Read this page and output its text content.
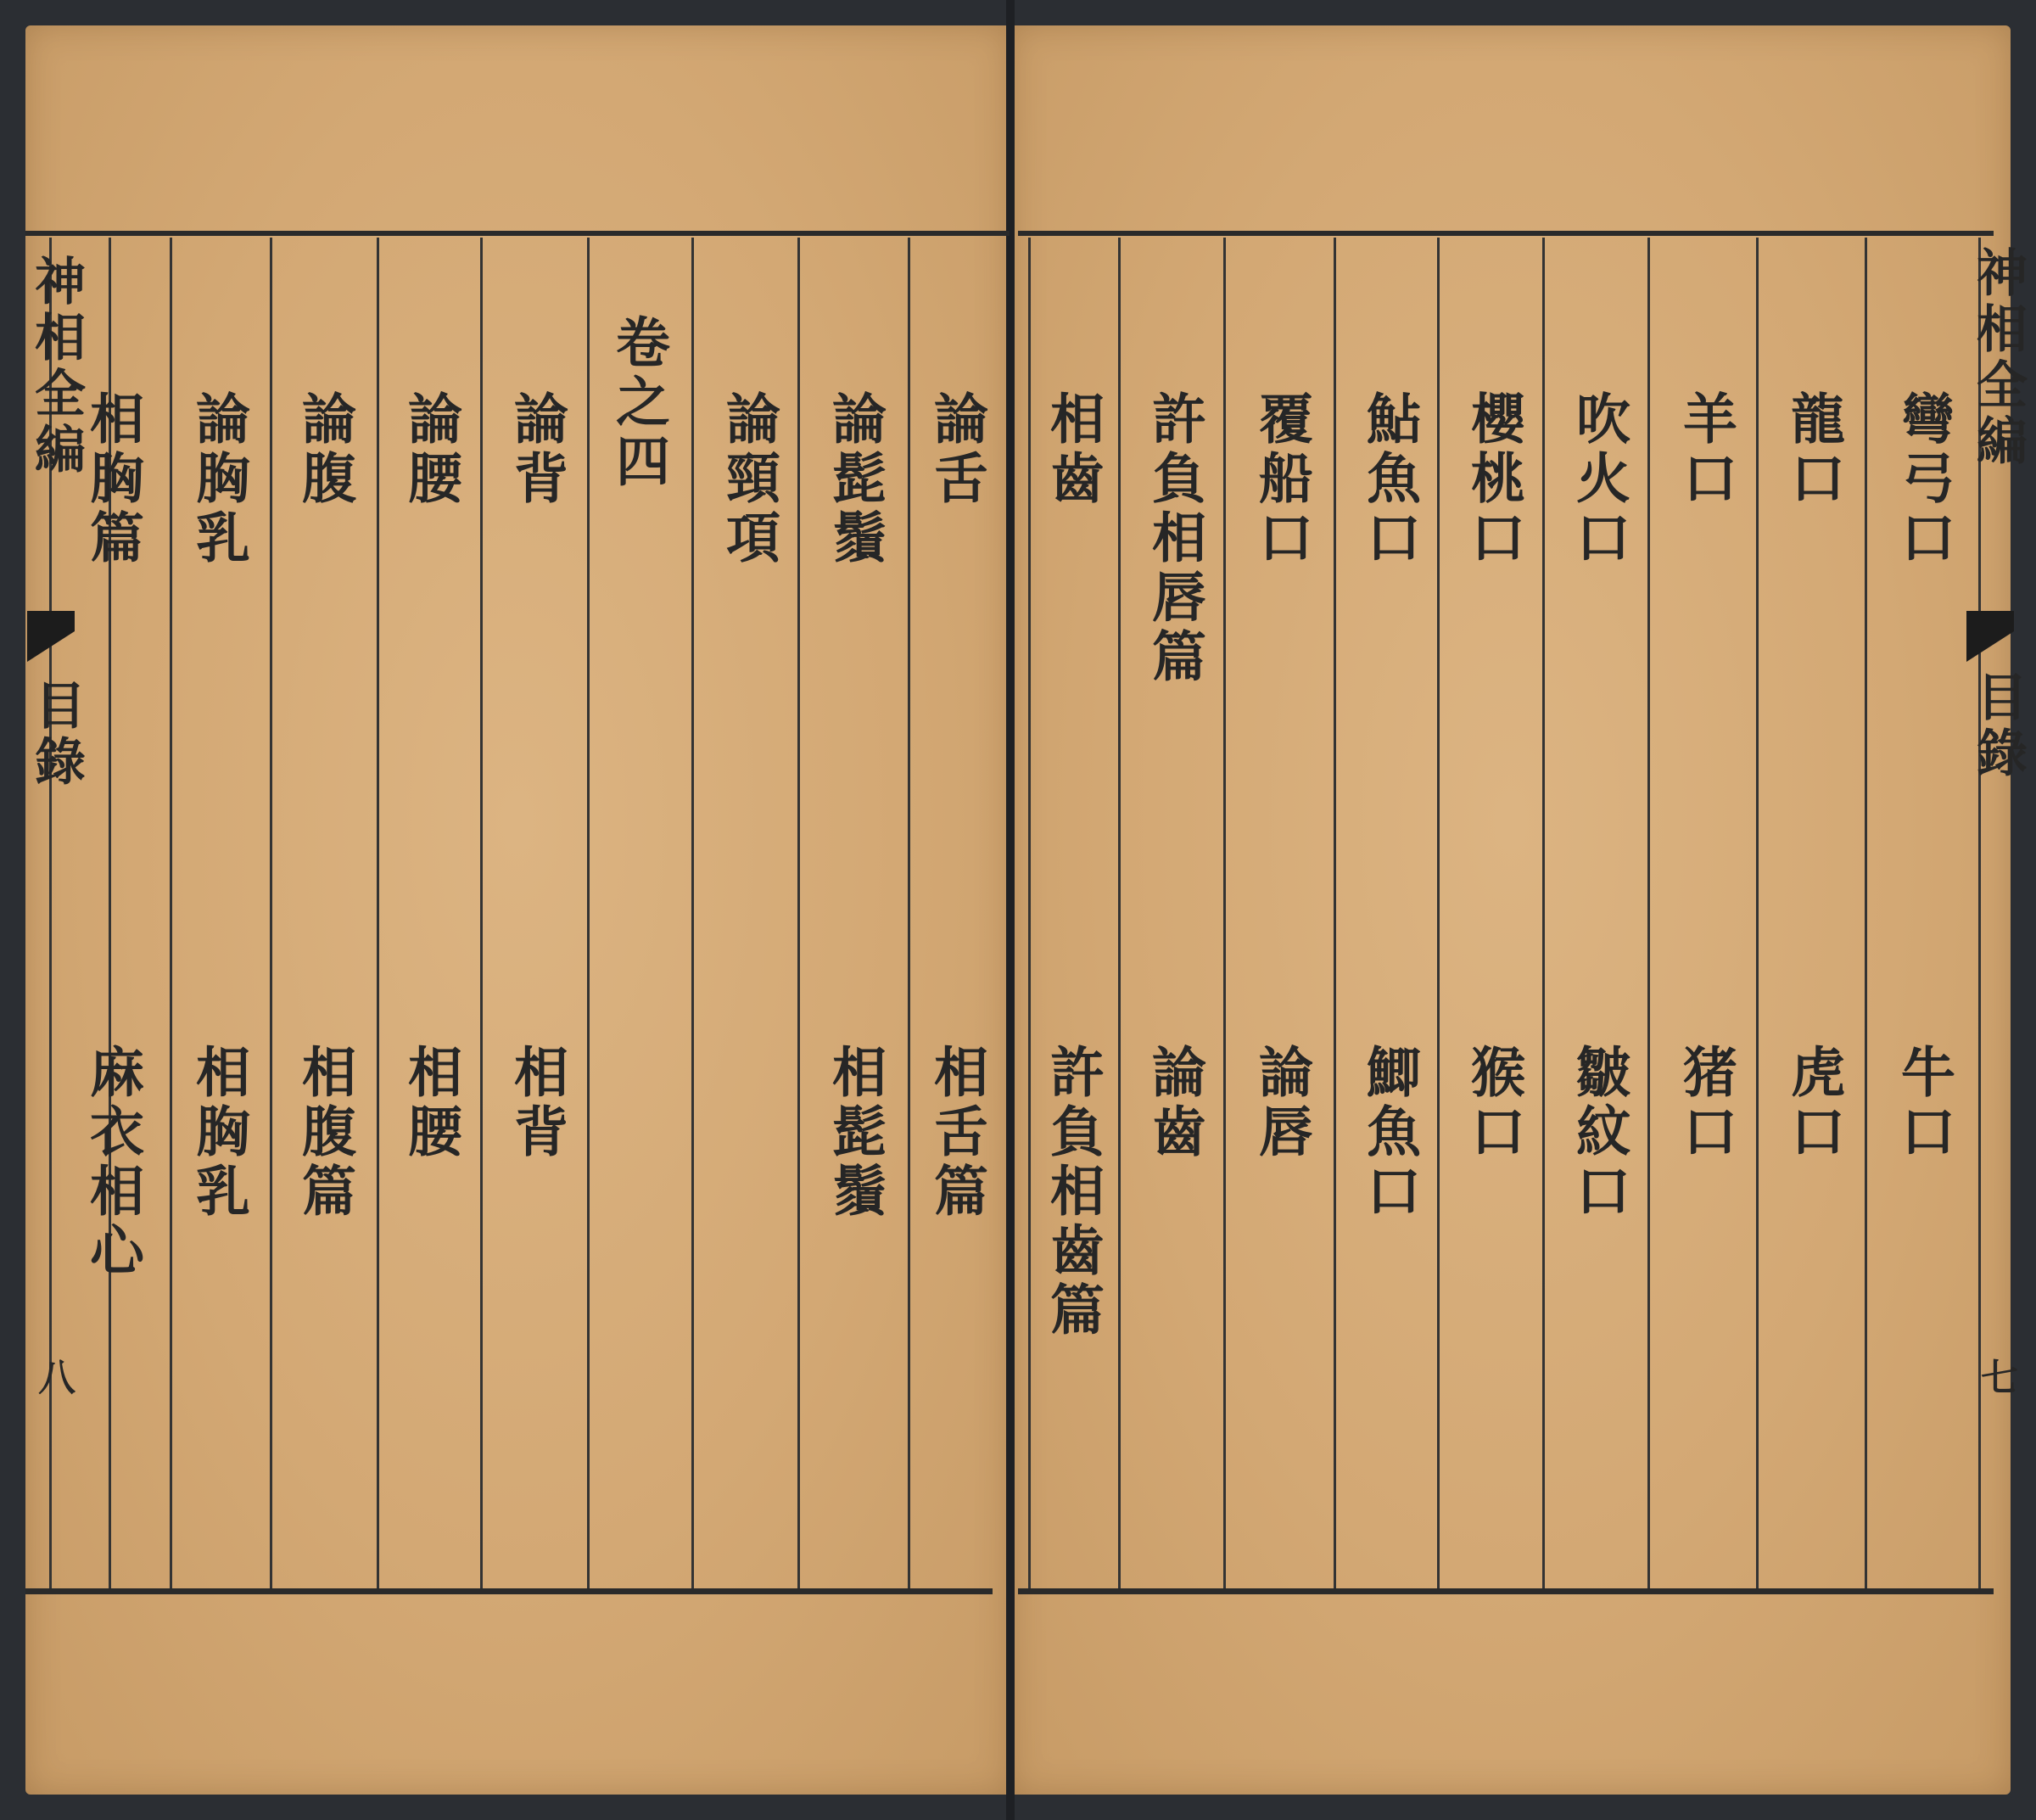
神相全編
目錄
八
論舌
相舌篇
論髭鬚
相髭鬚
論頸項
卷之四
論背
相背
論腰
相腰
論腹
相腹篇
論胸乳
相胸乳
相胸篇
麻衣相心
神相全編
目錄
七
彎弓口
牛口
龍口
虎口
羊口
猪口
吹火口
皺紋口
櫻桃口
猴口
鮎魚口
鯽魚口
覆船口
論唇
許負相唇篇
論齒
相齒
許負相齒篇
